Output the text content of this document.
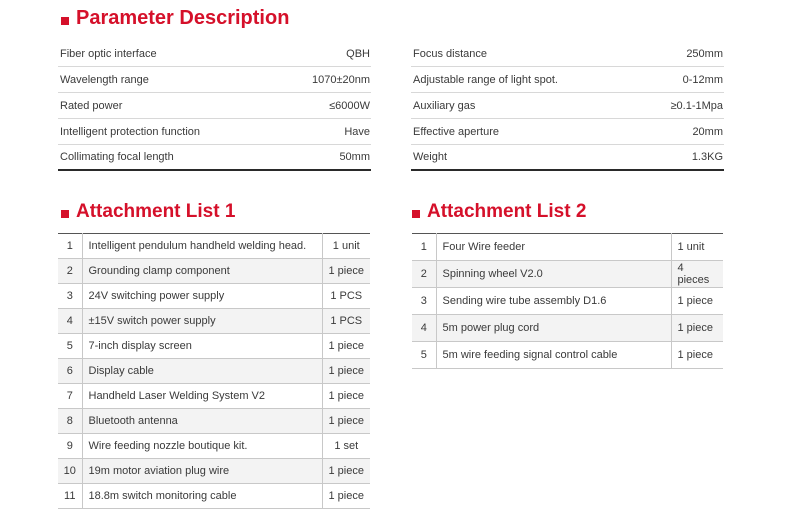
Parameter Description
Fiber optic interface	QBH
Wavelength range	1070±20nm
Rated power	≤6000W
Intelligent protection function	Have
Collimating focal length	50mm
Focus distance	250mm
Adjustable range of light spot.	0-12mm
Auxiliary gas	≥0.1-1Mpa
Effective aperture	20mm
Weight	1.3KG
Attachment List 1	Attachment List 2
1	Intelligent pendulum handheld welding head.	1 unit
2	Grounding clamp component	1 piece
3	24V switching power supply	1 PCS
4	±15V switch power supply	1 PCS
5	7-inch display screen	1 piece
6	Display cable	1 piece
7	Handheld Laser Welding System V2	1 piece
8	Bluetooth antenna	1 piece
9	Wire feeding nozzle boutique kit.	1 set
10	19m motor aviation plug wire	1 piece
11	18.8m switch monitoring cable	1 piece
1	Four Wire feeder	1 unit
2	Spinning wheel V2.0	4 pieces
3	Sending wire tube assembly D1.6	1 piece
4	5m power plug cord	1 piece
5	5m wire feeding signal control cable	1 piece
